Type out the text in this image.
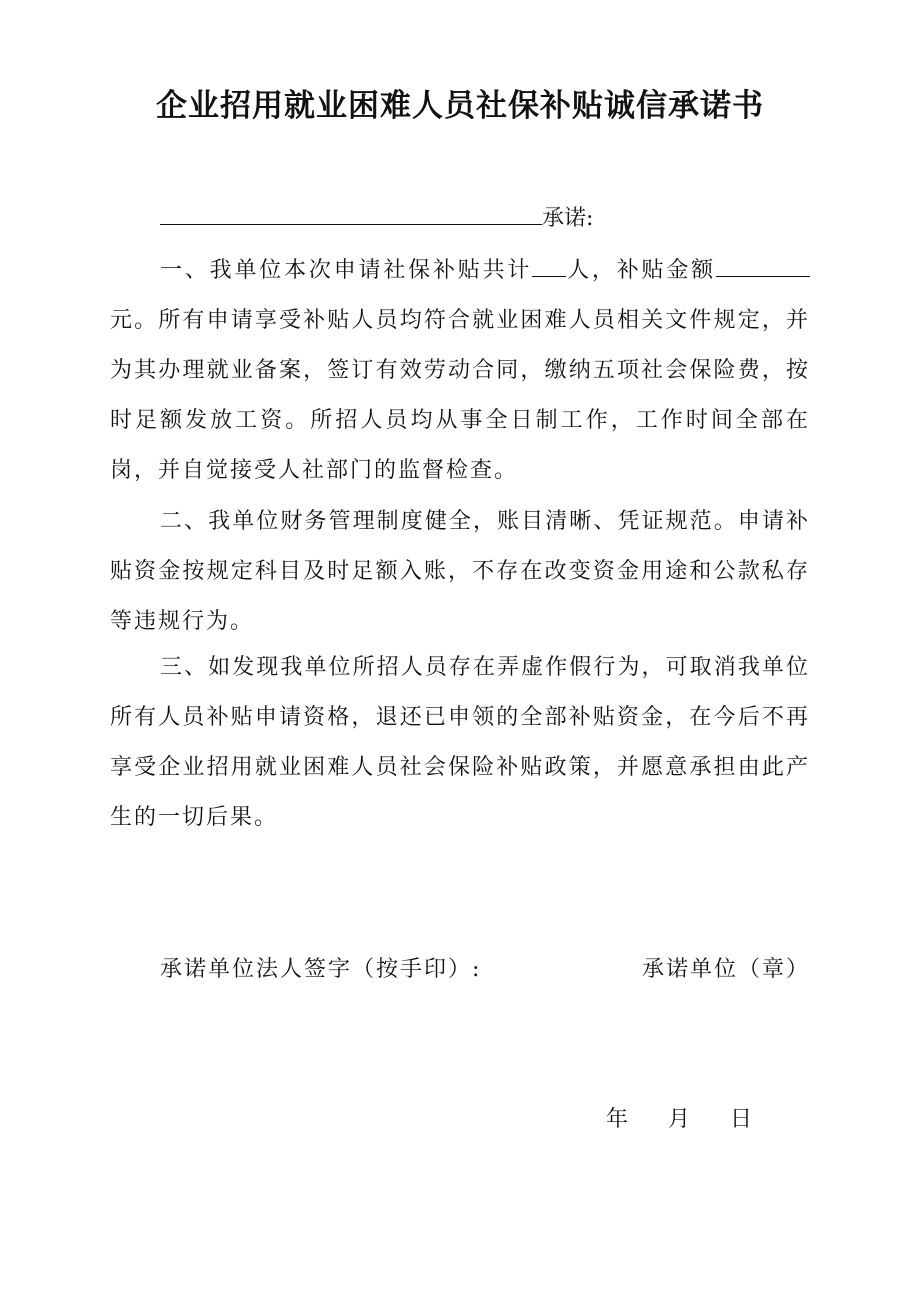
企业招用就业困难人员社保补贴诚信承诺书
承诺:

一、我单位本次申请社保补贴共计 人，补贴金额元。所有申请享受补贴人员均符合就业困难人员相关文件规定，并为其办理就业备案，签订有效劳动合同，缴纳五项社会保险费，按时足额发放工资。所招人员均从事全日制工作，工作时间全部在岗，并自觉接受人社部门的监督检查。

二、我单位财务管理制度健全，账目清晰、凭证规范。申请补贴资金按规定科目及时足额入账，不存在改变资金用途和公款私存等违规行为。

三、如发现我单位所招人员存在弄虚作假行为，可取消我单位所有人员补贴申请资格，退还已申领的全部补贴资金，在今后不再享受企业招用就业困难人员社会保险补贴政策，并愿意承担由此产生的一切后果。

承诺单位法人签字（按手印）:	承诺单位（章）
年 月 日
